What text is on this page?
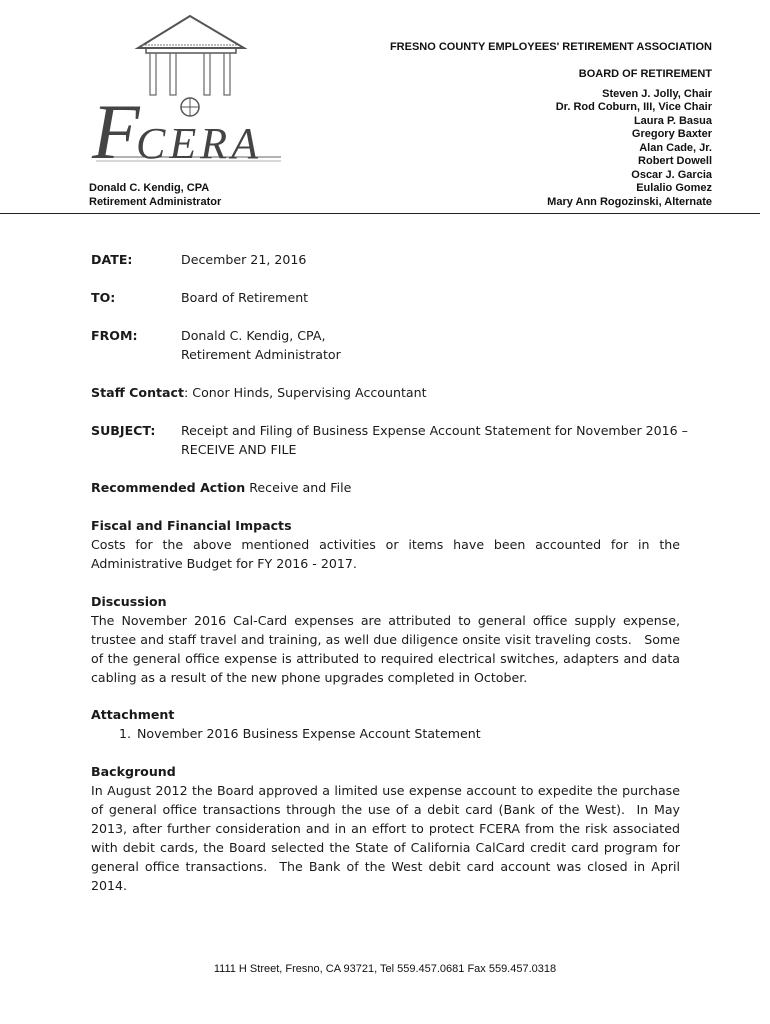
F
CERA
FRESNO COUNTY EMPLOYEES' RETIREMENT ASSOCIATION
BOARD OF RETIREMENT
Steven J. Jolly, Chair
Dr. Rod Coburn, III, Vice Chair
Laura P. Basua
Gregory Baxter
Alan Cade, Jr.
Robert Dowell
Oscar J. Garcia
Eulalio Gomez
Mary Ann Rogozinski, Alternate
Donald C. Kendig, CPA
Retirement Administrator
DATE:	December 21, 2016
TO:	Board of Retirement
FROM:	Donald C. Kendig, CPA,
Retirement Administrator
Staff Contact: Conor Hinds, Supervising Accountant
SUBJECT: Receipt and Filing of Business Expense Account Statement for November 2016 –
RECEIVE AND FILE
Recommended Action Receive and File
Fiscal and Financial Impacts
Costs for the above mentioned activities or items have been accounted for in the Administrative Budget for FY 2016 - 2017.
Discussion
The November 2016 Cal-Card expenses are attributed to general office supply expense, trustee and staff travel and training, as well due diligence onsite visit traveling costs.   Some of the general office expense is attributed to required electrical switches, adapters and data cabling as a result of the new phone upgrades completed in October.
Attachment
1. November 2016 Business Expense Account Statement
Background
In August 2012 the Board approved a limited use expense account to expedite the purchase of general office transactions through the use of a debit card (Bank of the West).  In May 2013, after further consideration and in an effort to protect FCERA from the risk associated with debit cards, the Board selected the State of California CalCard credit card program for general office transactions.  The Bank of the West debit card account was closed in April 2014.
1111 H Street, Fresno, CA 93721, Tel 559.457.0681 Fax 559.457.0318
